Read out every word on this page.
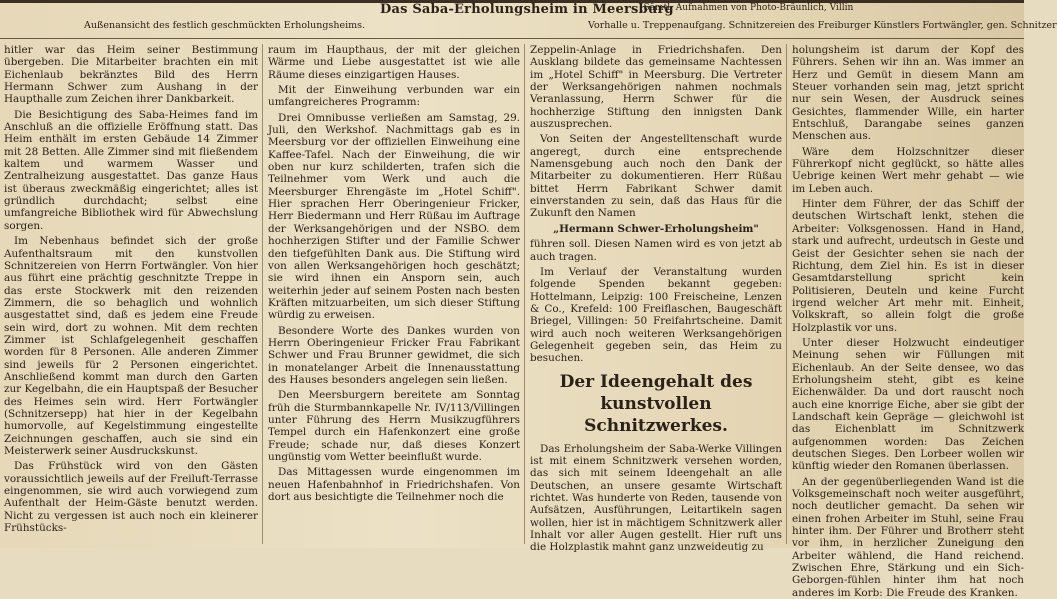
Das Saba-Erholungsheim in Meersburg
(Sämtl. Aufnahmen von Photo-Bräunlich, Villin
Außenansicht des festlich geschmückten Erholungsheims.	Vorhalle u. Treppenaufgang. Schnitzereien des Freiburger Künstlers Fortwängler, gen. Schnitzer

hitler war das Heim seiner Bestimmung übergeben. Die Mitarbeiter brachten ein mit Eichenlaub bekränztes Bild des Herrn Hermann Schwer zum Aushang in der Haupthalle zum Zeichen ihrer Dankbarkeit.

Die Besichtigung des Saba-Heimes fand im Anschluß an die offizielle Eröffnung statt. Das Heim enthält im ersten Gebäude 14 Zimmer mit 28 Betten. Alle Zimmer sind mit fließendem kaltem und warmem Wasser und Zentralheizung ausgestattet. Das ganze Haus ist überaus zweckmäßig eingerichtet; alles ist gründlich durchdacht; selbst eine umfangreiche Bibliothek wird für Abwechslung sorgen.

Im Nebenhaus befindet sich der große Aufenthaltsraum mit den kunstvollen Schnitzereien von Herrn Fortwängler. Von hier aus führt eine prächtig geschnitzte Treppe in das erste Stockwerk mit den reizenden Zimmern, die so behaglich und wohnlich ausgestattet sind, daß es jedem eine Freude sein wird, dort zu wohnen. Mit dem rechten Zimmer ist Schlafgelegenheit geschaffen worden für 8 Personen. Alle anderen Zimmer sind jeweils für 2 Personen eingerichtet. Anschließend kommt man durch den Garten zur Kegelbahn, die ein Hauptspaß der Besucher des Heimes sein wird. Herr Fortwängler (Schnitzersepp) hat hier in der Kegelbahn humorvolle, auf Kegelstimmung eingestellte Zeichnungen geschaffen, auch sie sind ein Meisterwerk seiner Ausdruckskunst.

Das Frühstück wird von den Gästen voraussichtlich jeweils auf der Freiluft-Terrasse eingenommen, sie wird auch vorwiegend zum Aufenthalt der Heim-Gäste benutzt werden. Nicht zu vergessen ist auch noch ein kleinerer Frühstücks-

raum im Haupthaus, der mit der gleichen Wärme und Liebe ausgestattet ist wie alle Räume dieses einzigartigen Hauses.

Mit der Einweihung verbunden war ein umfangreicheres Programm:

Drei Omnibusse verließen am Samstag, 29. Juli, den Werkshof. Nachmittags gab es in Meersburg vor der offiziellen Einweihung eine Kaffee-Tafel. Nach der Einweihung, die wir oben nur kurz schilderten, trafen sich die Teilnehmer vom Werk und auch die Meersburger Ehrengäste im „Hotel Schiff". Hier sprachen Herr Oberingenieur Fricker, Herr Biedermann und Herr Rüßau im Auftrage der Werksangehörigen und der NSBO. dem hochherzigen Stifter und der Familie Schwer den tiefgefühlten Dank aus. Die Stiftung wird von allen Werksangehörigen hoch geschätzt; sie wird ihnen ein Ansporn sein, auch weiterhin jeder auf seinem Posten nach besten Kräften mitzuarbeiten, um sich dieser Stiftung würdig zu erweisen.

Besondere Worte des Dankes wurden von Herrn Oberingenieur Fricker Frau Fabrikant Schwer und Frau Brunner gewidmet, die sich in monatelanger Arbeit die Innenausstattung des Hauses besonders angelegen sein ließen.

Den Meersburgern bereitete am Sonntag früh die Sturmbannkapelle Nr. IV/113/Villingen unter Führung des Herrn Musikzugführers Tempel durch ein Hafenkonzert eine große Freude; schade nur, daß dieses Konzert ungünstig vom Wetter beeinflußt wurde.

Das Mittagessen wurde eingenommen im neuen Hafenbahnhof in Friedrichshafen. Von dort aus besichtigte die Teilnehmer noch die

Zeppelin-Anlage in Friedrichshafen. Den Ausklang bildete das gemeinsame Nachtessen im „Hotel Schiff" in Meersburg. Die Vertreter der Werksangehörigen nahmen nochmals Veranlassung, Herrn Schwer für die hochherzige Stiftung den innigsten Dank auszusprechen.

Von Seiten der Angestelltenschaft wurde angeregt, durch eine entsprechende Namensgebung auch noch den Dank der Mitarbeiter zu dokumentieren. Herr Rüßau bittet Herrn Fabrikant Schwer damit einverstanden zu sein, daß das Haus für die Zukunft den Namen

„Hermann Schwer-Erholungsheim"

führen soll. Diesen Namen wird es von jetzt ab auch tragen.

Im Verlauf der Veranstaltung wurden folgende Spenden bekannt gegeben: Hottelmann, Leipzig: 100 Freischeine, Lenzen & Co., Krefeld: 100 Freiflaschen, Baugeschäft Briegel, Villingen: 50 Freifahrtscheine. Damit wird auch noch weiteren Werksangehörigen Gelegenheit gegeben sein, das Heim zu besuchen.

Der Ideengehalt des kunstvollen Schnitzwerkes.

Das Erholungsheim der Saba-Werke Villingen ist mit einem Schnitzwerk versehen worden, das sich mit seinem Ideengehalt an alle Deutschen, an unsere gesamte Wirtschaft richtet. Was hunderte von Reden, tausende von Aufsätzen, Ausführungen, Leitartikeln sagen wollen, hier ist in mächtigem Schnitzwerk aller Inhalt vor aller Augen gestellt. Hier ruft uns die Holzplastik mahnt ganz unzweideutig zu

holungsheim ist darum der Kopf des Führers. Sehen wir ihn an. Was immer an Herz und Gemüt in diesem Mann am Steuer vorhanden sein mag, jetzt spricht nur sein Wesen, der Ausdruck seines Gesichtes, flammender Wille, ein harter Entschluß, Darangabe seines ganzen Menschen aus.

Wäre dem Holzschnitzer dieser Führerkopf nicht geglückt, so hätte alles Uebrige keinen Wert mehr gehabt — wie im Leben auch.

Hinter dem Führer, der das Schiff der deutschen Wirtschaft lenkt, stehen die Arbeiter: Volksgenossen. Hand in Hand, stark und aufrecht, urdeutsch in Geste und Geist der Gesichter sehen sie nach der Richtung, dem Ziel hin. Es ist in dieser Gesamtdarstellung spricht kein Politisieren, Deuteln und keine Furcht irgend welcher Art mehr mit. Einheit, Volkskraft, so allein folgt die große Holzplastik vor uns.

Unter dieser Holzwucht eindeutiger Meinung sehen wir Füllungen mit Eichenlaub. An der Seite densee, wo das Erholungsheim steht, gibt es keine Eichenwälder. Da und dort rauscht noch auch eine knorrige Eiche, aber sie gibt der Landschaft kein Gepräge — gleichwohl ist das Eichenblatt im Schnitzwerk aufgenommen worden: Das Zeichen deutschen Sieges. Den Lorbeer wollen wir künftig wieder den Romanen überlassen.

An der gegenüberliegenden Wand ist die Volksgemeinschaft noch weiter ausgeführt, noch deutlicher gemacht. Da sehen wir einen frohen Arbeiter im Stuhl, seine Frau hinter ihm. Der Führer und Brotherr steht vor ihm, in herzlicher Zuneigung den Arbeiter wählend, die Hand reichend. Zwischen Ehre, Stärkung und ein Sich-Geborgen-fühlen hinter ihm hat noch anderes im Korb: Die Freude des Kranken.
